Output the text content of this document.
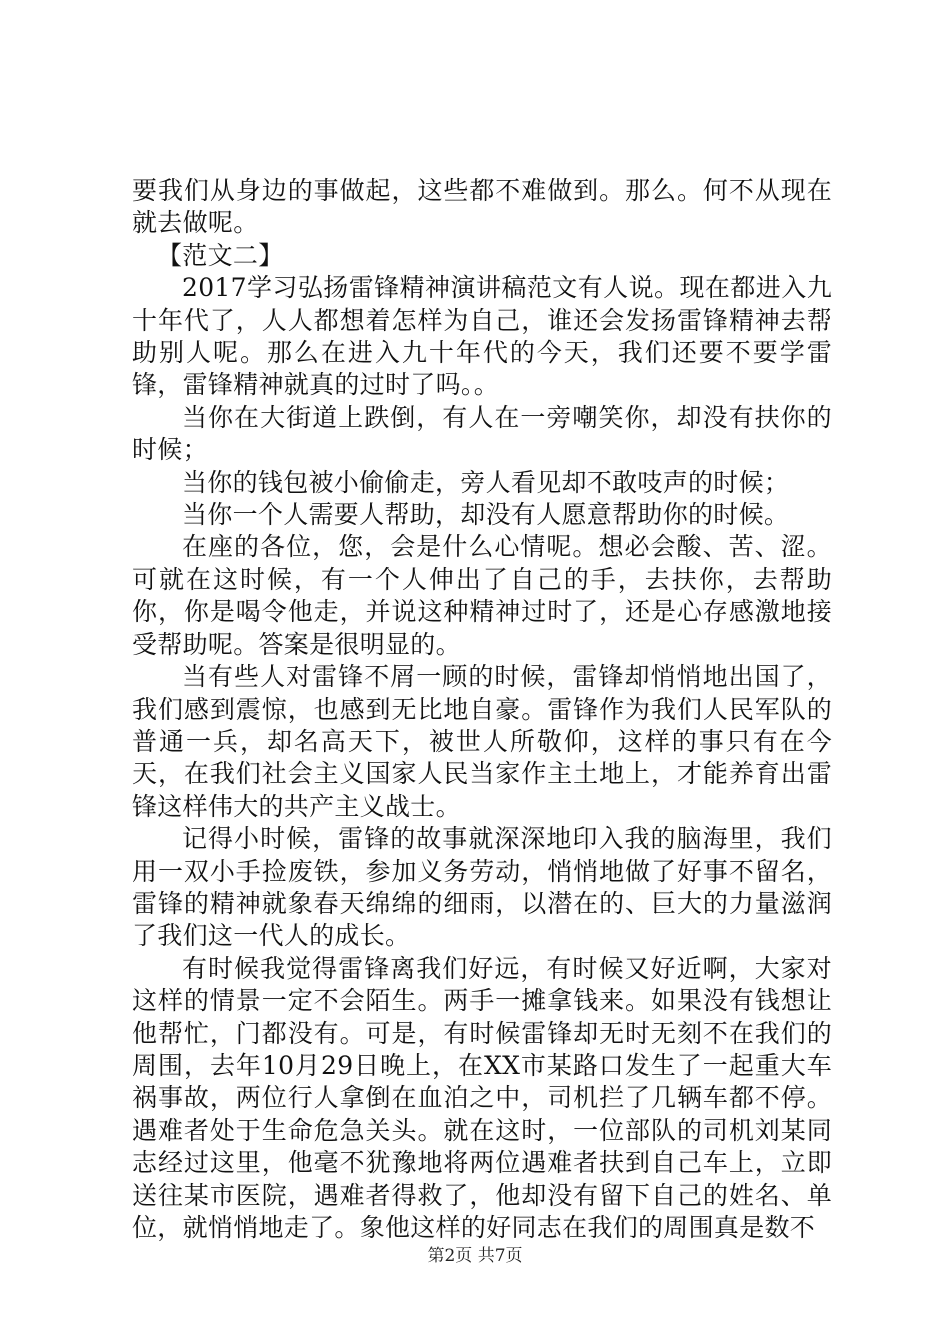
要我们从身边的事做起，这些都不难做到。那么。何不从现在就去做呢。

【范文二】

2017学习弘扬雷锋精神演讲稿范文有人说。现在都进入九十年代了，人人都想着怎样为自己，谁还会发扬雷锋精神去帮助别人呢。那么在进入九十年代的今天，我们还要不要学雷锋，雷锋精神就真的过时了吗。。

当你在大街道上跌倒，有人在一旁嘲笑你，却没有扶你的时候；

当你的钱包被小偷偷走，旁人看见却不敢吱声的时候；

当你一个人需要人帮助，却没有人愿意帮助你的时候。

在座的各位，您，会是什么心情呢。想必会酸、苦、涩。可就在这时候，有一个人伸出了自己的手，去扶你，去帮助你，你是喝令他走，并说这种精神过时了，还是心存感激地接受帮助呢。答案是很明显的。

当有些人对雷锋不屑一顾的时候，雷锋却悄悄地出国了，我们感到震惊，也感到无比地自豪。雷锋作为我们人民军队的普通一兵，却名高天下，被世人所敬仰，这样的事只有在今天，在我们社会主义国家人民当家作主土地上，才能养育出雷锋这样伟大的共产主义战士。

记得小时候，雷锋的故事就深深地印入我的脑海里，我们用一双小手捡废铁，参加义务劳动，悄悄地做了好事不留名，雷锋的精神就象春天绵绵的细雨，以潜在的、巨大的力量滋润了我们这一代人的成长。

有时候我觉得雷锋离我们好远，有时候又好近啊，大家对这样的情景一定不会陌生。两手一摊拿钱来。如果没有钱想让他帮忙，门都没有。可是，有时候雷锋却无时无刻不在我们的周围，去年10月29日晚上，在XX市某路口发生了一起重大车祸事故，两位行人拿倒在血泊之中，司机拦了几辆车都不停。遇难者处于生命危急关头。就在这时，一位部队的司机刘某同志经过这里，他毫不犹豫地将两位遇难者扶到自己车上，立即送往某市医院，遇难者得救了，他却没有留下自己的姓名、单位，就悄悄地走了。象他这样的好同志在我们的周围真是数不

第2页 共7页
